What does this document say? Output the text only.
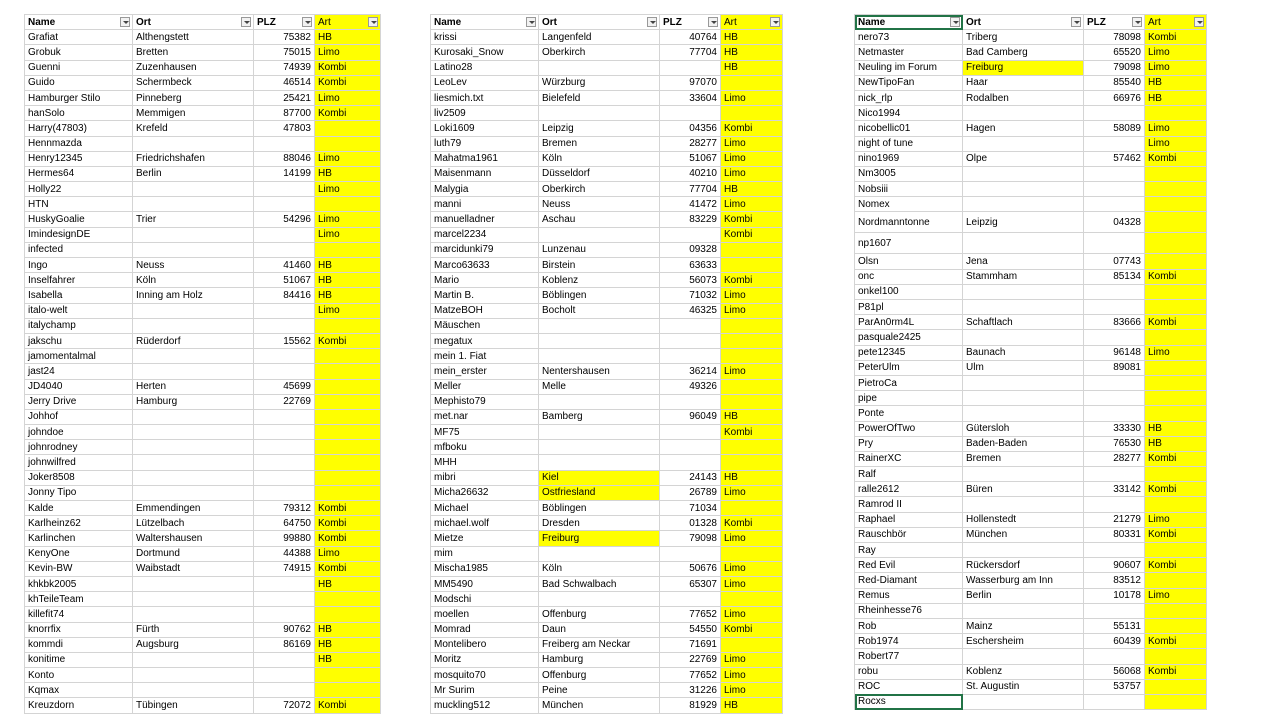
Name	Ort	PLZ	Art

Grafiat	Althengstett	75382	HB
Grobuk	Bretten	75015	Limo
Guenni	Zuzenhausen	74939	Kombi
Guido	Schermbeck	46514	Kombi
Hamburger Stilo	Pinneberg	25421	Limo
hanSolo	Memmigen	87700	Kombi
Harry(47803)	Krefeld	47803	
Hennmazda			
Henry12345	Friedrichshafen	88046	Limo
Hermes64	Berlin	14199	HB
Holly22			Limo
HTN			
HuskyGoalie	Trier	54296	Limo
ImindesignDE			Limo
infected			
Ingo	Neuss	41460	HB
Inselfahrer	Köln	51067	HB
Isabella	Inning am Holz	84416	HB
italo-welt			Limo
italychamp			
jakschu	Rüderdorf	15562	Kombi
jamomentalmal			
jast24			
JD4040	Herten	45699	
Jerry Drive	Hamburg	22769	
Johhof			
johndoe			
johnrodney			
johnwilfred			
Joker8508			
Jonny Tipo			
Kalde	Emmendingen	79312	Kombi
Karlheinz62	Lützelbach	64750	Kombi
Karlinchen	Waltershausen	99880	Kombi
KenyOne	Dortmund	44388	Limo
Kevin-BW	Waibstadt	74915	Kombi
khkbk2005			HB
khTeileTeam			
killefit74			
knorrfix	Fürth	90762	HB
kommdi	Augsburg	86169	HB
konitime			HB
Konto			
Kqmax			
Kreuzdorn	Tübingen	72072	Kombi
Name	Ort	PLZ	Art

krissi	Langenfeld	40764	HB
Kurosaki_Snow	Oberkirch	77704	HB
Latino28			HB
LeoLev	Würzburg	97070	
liesmich.txt	Bielefeld	33604	Limo
liv2509			
Loki1609	Leipzig	04356	Kombi
luth79	Bremen	28277	Limo
Mahatma1961	Köln	51067	Limo
Maisenmann	Düsseldorf	40210	Limo
Malygia	Oberkirch	77704	HB
manni	Neuss	41472	Limo
manuelladner	Aschau	83229	Kombi
marcel2234			Kombi
marcidunki79	Lunzenau	09328	
Marco63633	Birstein	63633	
Mario	Koblenz	56073	Kombi
Martin B.	Böblingen	71032	Limo
MatzeBOH	Bocholt	46325	Limo
Mäuschen			
megatux			
mein 1. Fiat			
mein_erster	Nentershausen	36214	Limo
Meller	Melle	49326	
Mephisto79			
met.nar	Bamberg	96049	HB
MF75			Kombi
mfboku			
MHH			
mibri	Kiel	24143	HB
Micha26632	Ostfriesland	26789	Limo
Michael	Böblingen	71034	
michael.wolf	Dresden	01328	Kombi
Mietze	Freiburg	79098	Limo
mim			
Mischa1985	Köln	50676	Limo
MM5490	Bad Schwalbach	65307	Limo
Modschi			
moellen	Offenburg	77652	Limo
Momrad	Daun	54550	Kombi
Montelibero	Freiberg am Neckar	71691	
Moritz	Hamburg	22769	Limo
mosquito70	Offenburg	77652	Limo
Mr Surim	Peine	31226	Limo
muckling512	München	81929	HB
Name	Ort	PLZ	Art

nero73	Triberg	78098	Kombi
Netmaster	Bad Camberg	65520	Limo
Neuling im Forum	Freiburg	79098	Limo
NewTipoFan	Haar	85540	HB
nick_rlp	Rodalben	66976	HB
Nico1994			
nicobellic01	Hagen	58089	Limo
night of tune			Limo
nino1969	Olpe	57462	Kombi
Nm3005			
Nobsiii			
Nomex			
Nordmanntonne	Leipzig	04328	
np1607			
Olsn	Jena	07743	
onc	Stammham	85134	Kombi
onkel100			
P81pl			
ParAn0rm4L	Schaftlach	83666	Kombi
pasquale2425			
pete12345	Baunach	96148	Limo
PeterUlm	Ulm	89081	
PietroCa			
pipe			
Ponte			
PowerOfTwo	Gütersloh	33330	HB
Pry	Baden-Baden	76530	HB
RainerXC	Bremen	28277	Kombi
Ralf			
ralle2612	Büren	33142	Kombi
Ramrod II			
Raphael	Hollenstedt	21279	Limo
Rauschbör	München	80331	Kombi
Ray			
Red Evil	Rückersdorf	90607	Kombi
Red-Diamant	Wasserburg am Inn	83512	
Remus	Berlin	10178	Limo
Rheinhesse76			
Rob	Mainz	55131	
Rob1974	Eschersheim	60439	Kombi
Robert77			
robu	Koblenz	56068	Kombi
ROC	St. Augustin	53757	
Rocxs			
